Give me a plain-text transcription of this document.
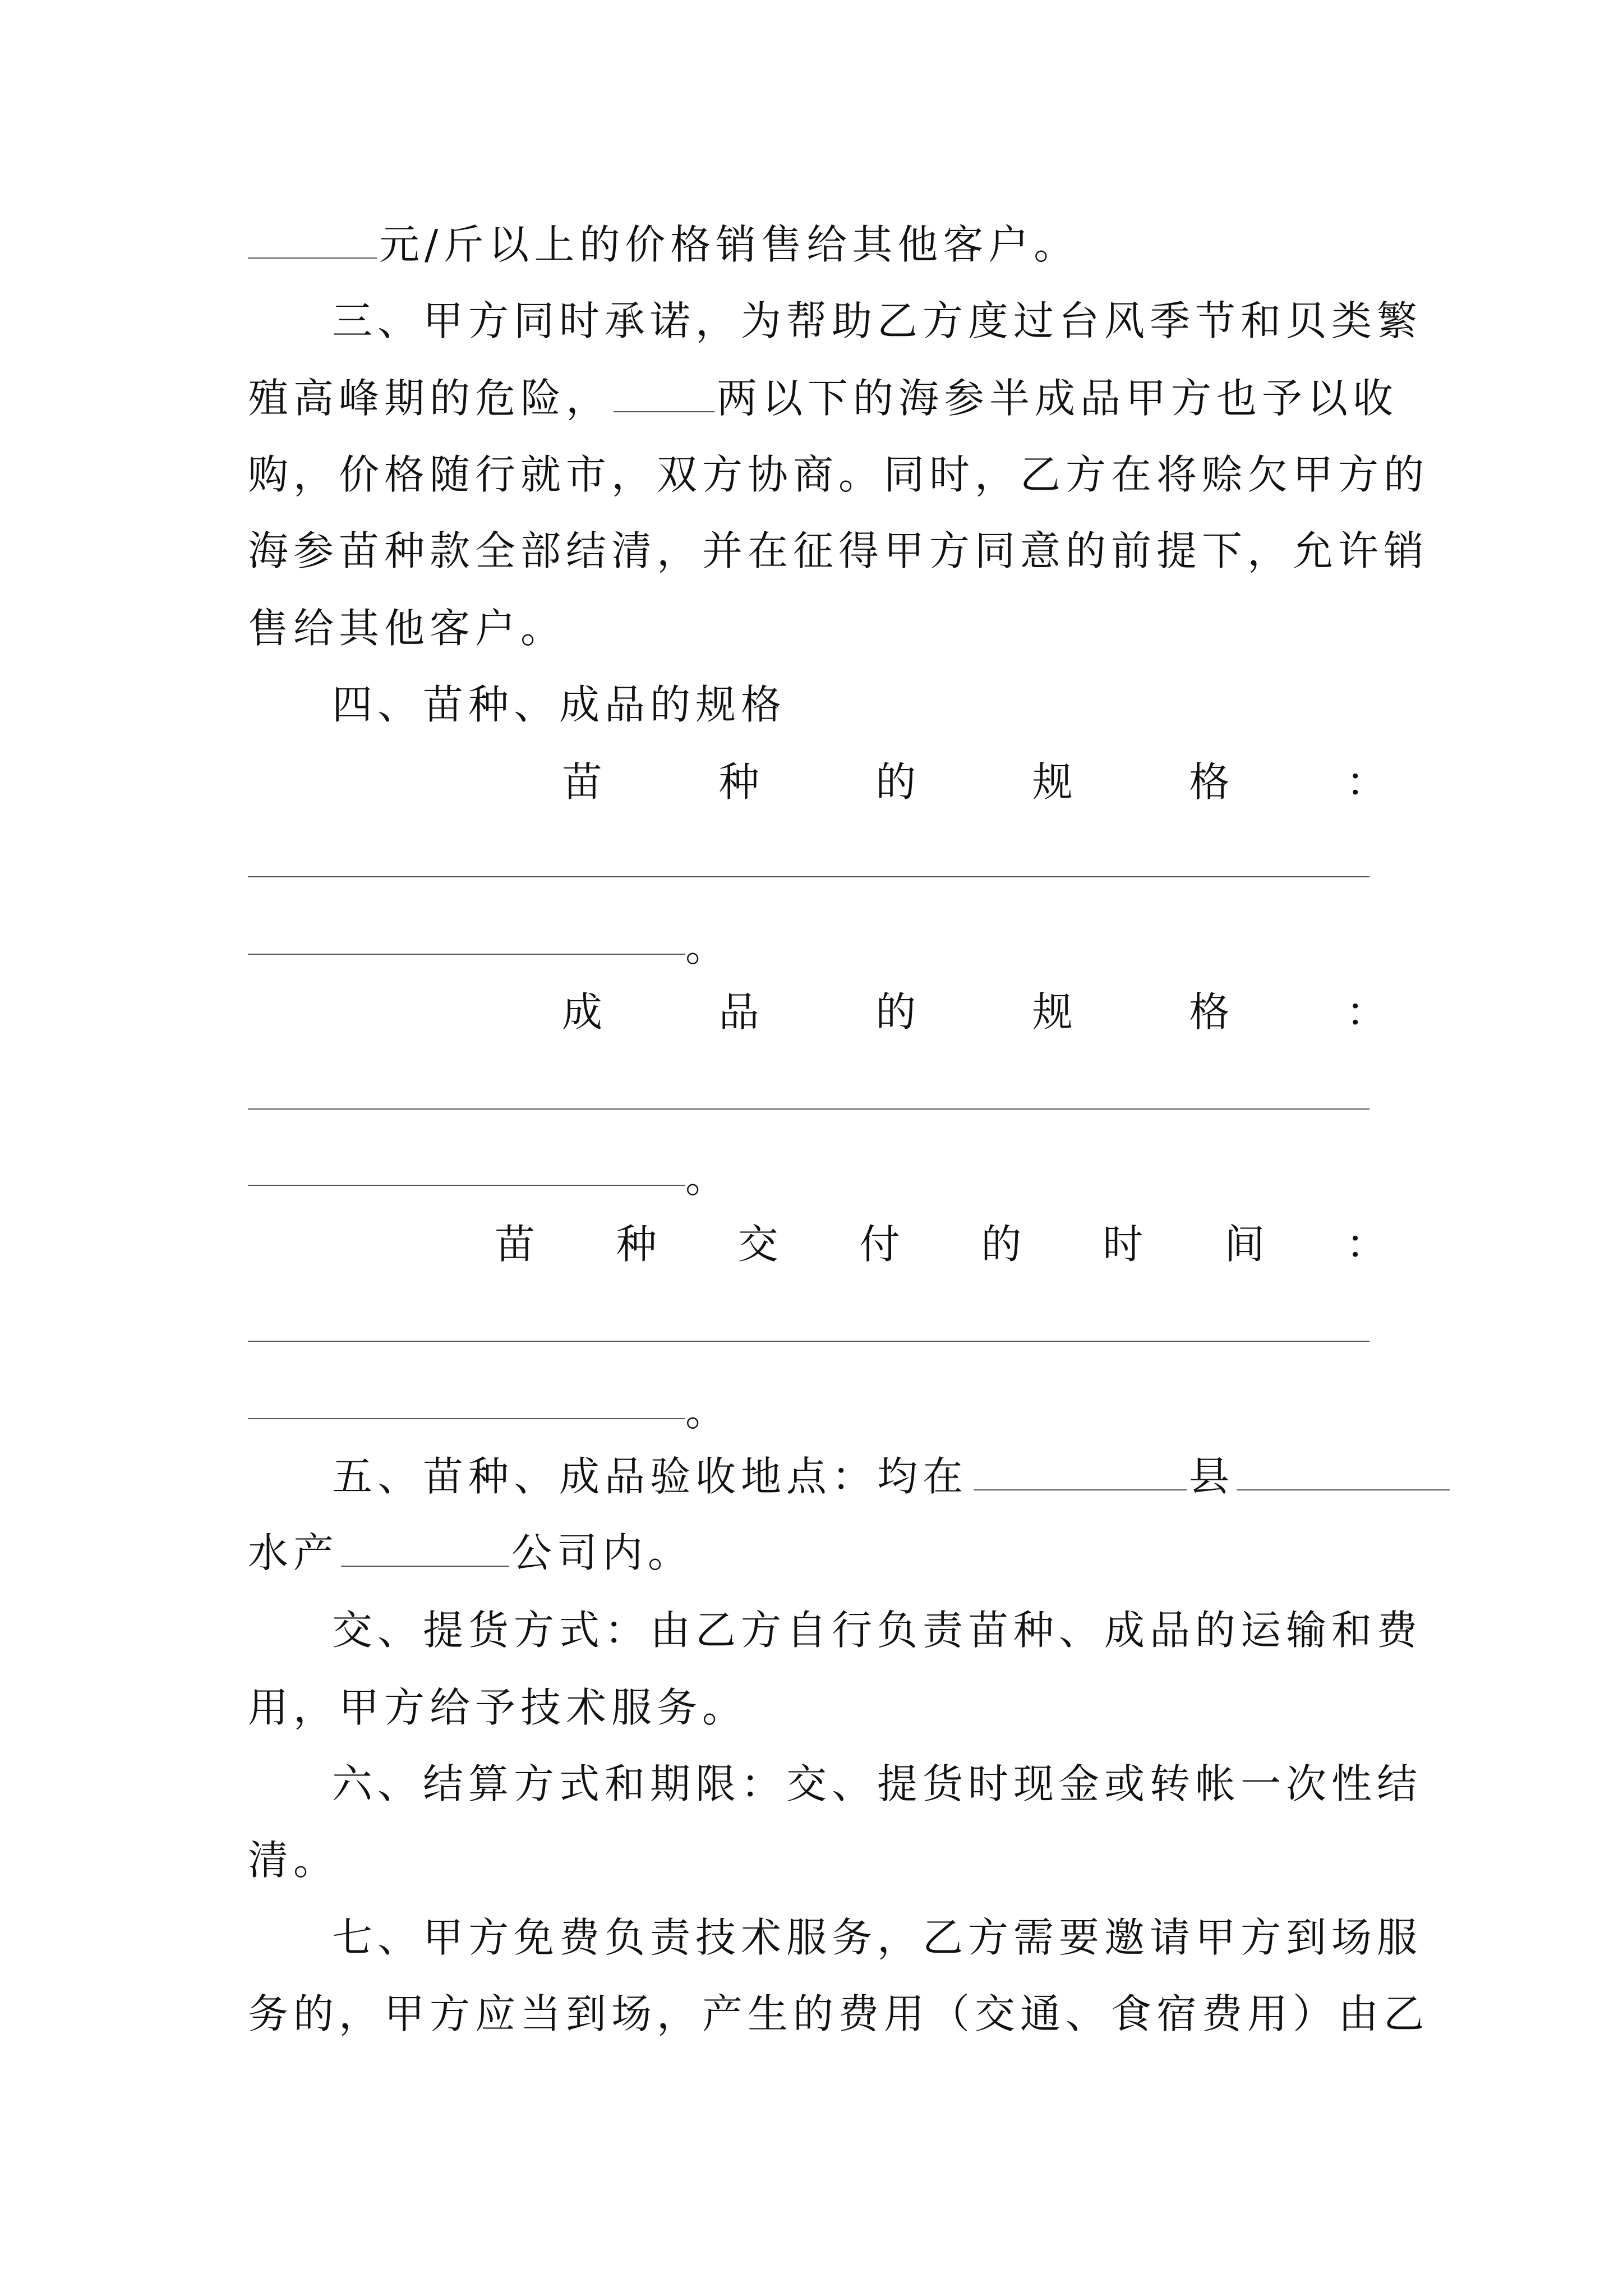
元/斤以上的价格销售给其他客户。
三、甲方同时承诺，为帮助乙方度过台风季节和贝类繁
殖高峰期的危险，	两以下的海参半成品甲方也予以收
购，价格随行就市，双方协商。同时，乙方在将赊欠甲方的
海参苗种款全部结清，并在征得甲方同意的前提下，允许销
售给其他客户。
四、苗种、成品的规格
苗	种	的	规	格	：
。
成	品	的	规	格	：
。
苗 种 交 付 的 时 间 ：
。
五、苗种、成品验收地点：均在	县
水产	公司内。
交、提货方式：由乙方自行负责苗种、成品的运输和费
用，甲方给予技术服务。
六、结算方式和期限：交、提货时现金或转帐一次性结
清。
七、甲方免费负责技术服务，乙方需要邀请甲方到场服
务的，甲方应当到场，产生的费用（交通、食宿费用）由乙
